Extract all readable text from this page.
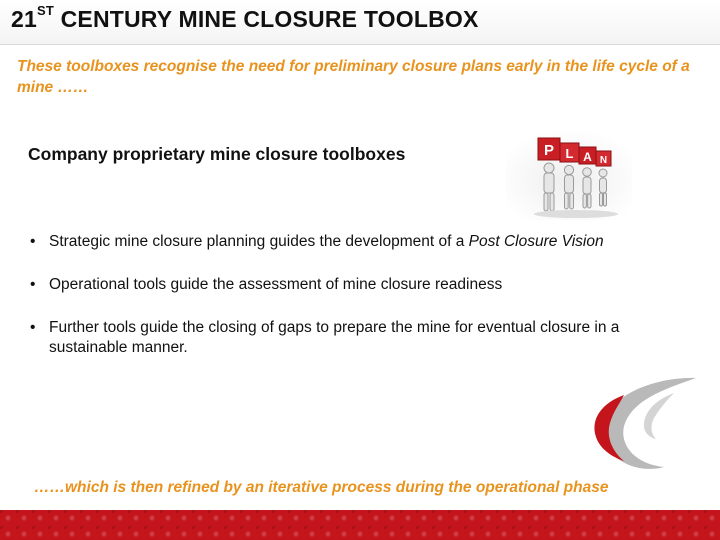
21ST CENTURY MINE CLOSURE TOOLBOX

These toolboxes recognise the need for preliminary closure plans early in the life cycle of a mine ……

Company proprietary mine closure toolboxes	P L A N
• Strategic mine closure planning guides the development of a Post Closure Vision
• Operational tools guide the assessment of mine closure readiness
• Further tools guide the closing of gaps to prepare the mine for eventual closure in a sustainable manner.

……which is then refined by an iterative process during the operational phase
